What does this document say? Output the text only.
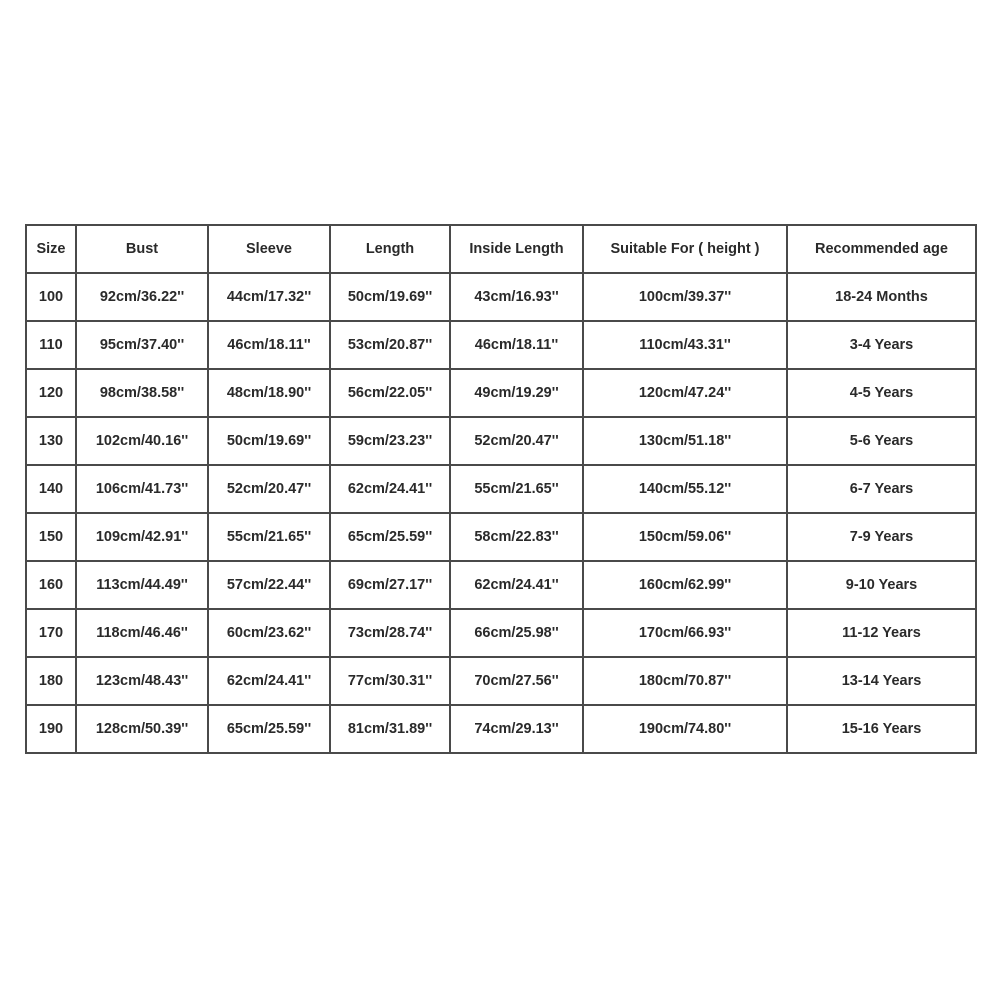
Size	Bust	Sleeve	Length	Inside Length	Suitable For ( height )	Recommended age
100	92cm/36.22''	44cm/17.32''	50cm/19.69''	43cm/16.93''	100cm/39.37''	18-24 Months
110	95cm/37.40''	46cm/18.11''	53cm/20.87''	46cm/18.11''	110cm/43.31''	3-4 Years
120	98cm/38.58''	48cm/18.90''	56cm/22.05''	49cm/19.29''	120cm/47.24''	4-5 Years
130	102cm/40.16''	50cm/19.69''	59cm/23.23''	52cm/20.47''	130cm/51.18''	5-6 Years
140	106cm/41.73''	52cm/20.47''	62cm/24.41''	55cm/21.65''	140cm/55.12''	6-7 Years
150	109cm/42.91''	55cm/21.65''	65cm/25.59''	58cm/22.83''	150cm/59.06''	7-9 Years
160	113cm/44.49''	57cm/22.44''	69cm/27.17''	62cm/24.41''	160cm/62.99''	9-10 Years
170	118cm/46.46''	60cm/23.62''	73cm/28.74''	66cm/25.98''	170cm/66.93''	11-12 Years
180	123cm/48.43''	62cm/24.41''	77cm/30.31''	70cm/27.56''	180cm/70.87''	13-14 Years
190	128cm/50.39''	65cm/25.59''	81cm/31.89''	74cm/29.13''	190cm/74.80''	15-16 Years
